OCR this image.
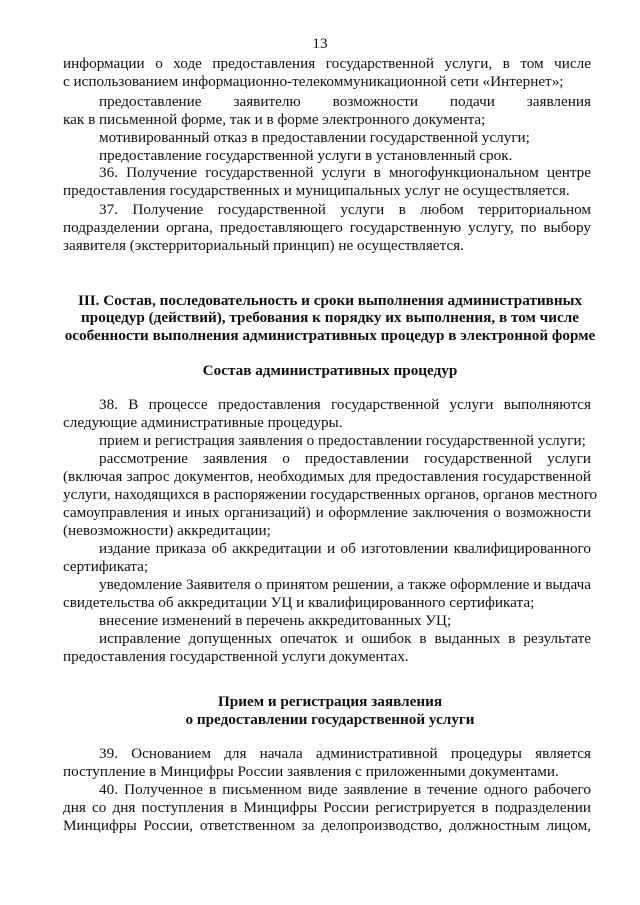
13
информации о ходе предоставления государственной услуги, в том числе
с использованием информационно-телекоммуникационной сети «Интернет»;
предоставление заявителю возможности подачи заявления
как в письменной форме, так и в форме электронного документа;
мотивированный отказ в предоставлении государственной услуги;
предоставление государственной услуги в установленный срок.
36. Получение государственной услуги в многофункциональном центре
предоставления государственных и муниципальных услуг не осуществляется.
37. Получение государственной услуги в любом территориальном
подразделении органа, предоставляющего государственную услугу, по выбору
заявителя (экстерриториальный принцип) не осуществляется.
III. Состав, последовательность и сроки выполнения административных
процедур (действий), требования к порядку их выполнения, в том числе
особенности выполнения административных процедур в электронной форме
Состав административных процедур
38. В процессе предоставления государственной услуги выполняются
следующие административные процедуры.
прием и регистрация заявления о предоставлении государственной услуги;
рассмотрение заявления о предоставлении государственной услуги
(включая запрос документов, необходимых для предоставления государственной
услуги, находящихся в распоряжении государственных органов, органов местного
самоуправления и иных организаций) и оформление заключения о возможности
(невозможности) аккредитации;
издание приказа об аккредитации и об изготовлении квалифицированного
сертификата;
уведомление Заявителя о принятом решении, а также оформление и выдача
свидетельства об аккредитации УЦ и квалифицированного сертификата;
внесение изменений в перечень аккредитованных УЦ;
исправление допущенных опечаток и ошибок в выданных в результате
предоставления государственной услуги документах.
Прием и регистрация заявления
о предоставлении государственной услуги
39. Основанием для начала административной процедуры является
поступление в Минцифры России заявления с приложенными документами.
40. Полученное в письменном виде заявление в течение одного рабочего
дня со дня поступления в Минцифры России регистрируется в подразделении
Минцифры России, ответственном за делопроизводство, должностным лицом,
